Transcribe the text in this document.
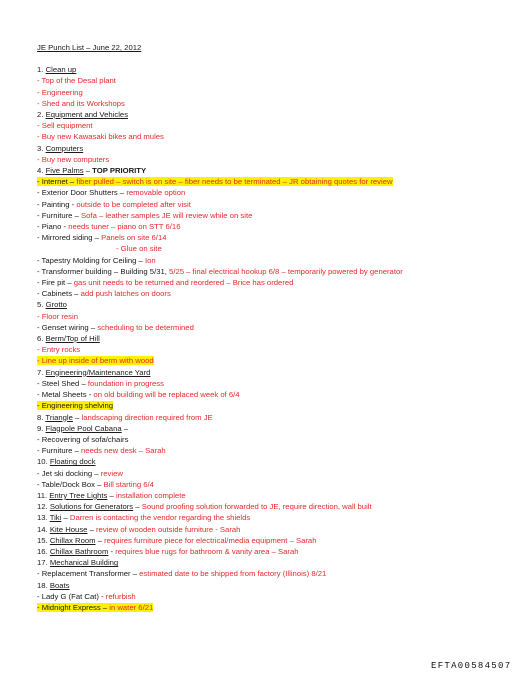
JE Punch List – June 22, 2012
1. Clean up
- Top of the Desal plant
- Engineering
- Shed and its Workshops
2. Equipment and Vehicles
- Sell equipment
- Buy new Kawasaki bikes and mules
3. Computers
- Buy new computers
4. Five Palms – TOP PRIORITY
- Internet – fiber pulled – switch is on site – fiber needs to be terminated – JR obtaining quotes for review
- Exterior Door Shutters – removable option
- Painting - outside to be completed after visit
- Furniture – Sofa – leather samples JE will review while on site
- Piano - needs tuner – piano on STT 6/16
- Mirrored siding – Panels on site 6/14
- Glue on site
- Tapestry Molding for Ceiling – Ion
- Transformer building – Building 5/31, 5/25 – final electrical hookup 6/8 – temporarily powered by generator
- Fire pit – gas unit needs to be returned and reordered – Brice has ordered
- Cabinets – add push latches on doors
5. Grotto
- Floor resin
- Genset wiring – scheduling to be determined
6. Berm/Top of Hill
- Entry rocks
- Line up inside of berm with wood
7. Engineering/Maintenance Yard
- Steel Shed – foundation in progress
- Metal Sheets - on old building will be replaced week of 6/4
- Engineering shelving
8. Triangle – landscaping direction required from JE
9. Flagpole Pool Cabana –
- Recovering of sofa/chairs
- Furniture – needs new desk – Sarah
10. Floating dock
- Jet ski docking – review
- Table/Dock Box – Bill starting 6/4
11. Entry Tree Lights – installation complete
12. Solutions for Generators – Sound proofing solution forwarded to JE, require direction, wall built
13. Tiki – Darren is contacting the vendor regarding the shields
14. Kite House – review of wooden outside furniture - Sarah
15. Chillax Room – requires furniture piece for electrical/media equipment – Sarah
16. Chillax Bathroom - requires blue rugs for bathroom & vanity area – Sarah
17. Mechanical Building
- Replacement Transformer – estimated date to be shipped from factory (Illinois) 8/21
18. Boats
- Lady G (Fat Cat) - refurbish
- Midnight Express – in water 6/21
EFTA00584507
